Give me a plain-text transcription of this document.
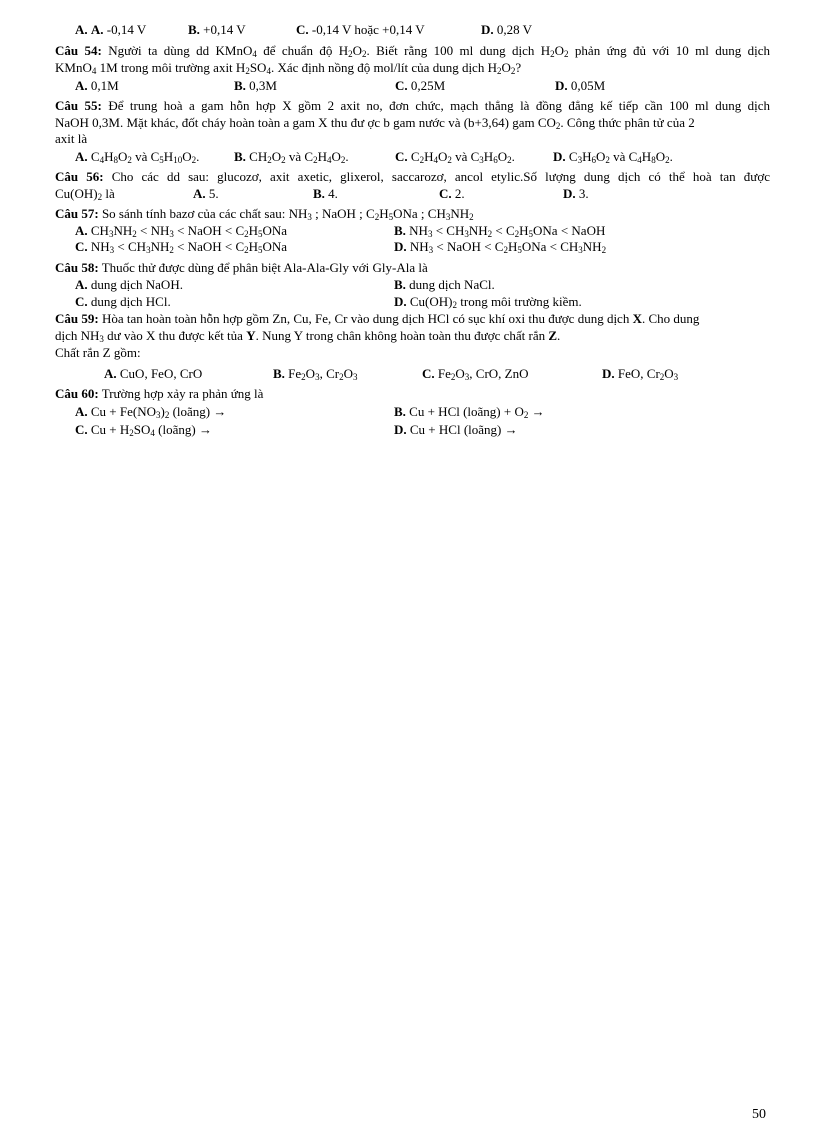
A. A. -0,14 V	B. +0,14 V	C. -0,14 V hoặc +0,14 V	D. 0,28 V
Câu 54: Người ta dùng dd KMnO$_4$ để chuẩn độ $H_2O_2$. Biết rằng 100 ml dung dịch $H_2O_2$ phản ứng đủ với 10 ml dung dịch
KMnO$_4$ 1M trong môi trường axit $H_2SO_4$. Xác định nồng độ mol/lít của dung dịch $H_2O_2$?
A. 0,1M	B. 0,3M	C. 0,25M	D. 0,05M
Câu 55: Để trung hoà a gam hỗn hợp X gồm 2 axit no, đơn chức, mạch thẳng là đồng đẳng kế tiếp cần 100 ml dung dịch
NaOH 0,3M. Mặt khác, đốt cháy hoàn toàn a gam X thu đư ợc b gam nước và (b+3,64) gam $CO_2$. Công thức phân tử của 2
axit là
A. $C_4H_8O_2$ và $C_5H_{10}O_2$.	B. $CH_2O_2$ và $C_2H_4O_2$.	C. $C_2H_4O_2$ và $C_3H_6O_2$.	D. $C_3H_6O_2$ và $C_4H_8O_2$.
Câu 56: Cho các dd sau: glucozơ, axit axetic, glixerol, saccarozơ, ancol etylic.Số lượng dung dịch có thể hoà tan được
$Cu(OH)_2$ là	A. 5.	B. 4.	C. 2.	D. 3.
Câu 57: So sánh tính bazơ của các chất sau: $NH_3$ ; NaOH ; $C_2H_5ONa$ ; $CH_3NH_2$
A. $CH_3NH_2 < NH_3$ < NaOH < $C_2H_5ONa$	B. $NH_3 < CH_3NH_2 < C_2H_5ONa$ < NaOH
C. $NH_3 < CH_3NH_2$ < NaOH < $C_2H_5ONa$	D. $NH_3$ < NaOH < $C_2H_5ONa < CH_3NH_2$
Câu 58: Thuốc thử được dùng để phân biệt Ala-Ala-Gly với Gly-Ala là
A. dung dịch NaOH.	B. dung dịch NaCl.
C. dung dịch HCl.	D. $Cu(OH)_2$ trong môi trường kiềm.
Câu 59: Hòa tan hoàn toàn hỗn hợp gồm Zn, Cu, Fe, Cr vào dung dịch HCl có sục khí oxi thu được dung dịch X. Cho dung
dịch $NH_3$ dư vào X thu được kết tủa Y. Nung Y trong chân không hoàn toàn thu được chất rắn Z.
Chất rắn Z gồm:
A. CuO, FeO, CrO	B. $Fe_2O_3$, $Cr_2O_3$	C. $Fe_2O_3$, CrO, ZnO	D. FeO, $Cr_2O_3$
Câu 60: Trường hợp xảy ra phản ứng là
A. $Cu + Fe(NO_3)_2$ (loãng) →	B. Cu + HCl (loãng) + $O_2$ →
C. $Cu + H_2SO_4$ (loãng) →	D. Cu + HCl (loãng) →
50
